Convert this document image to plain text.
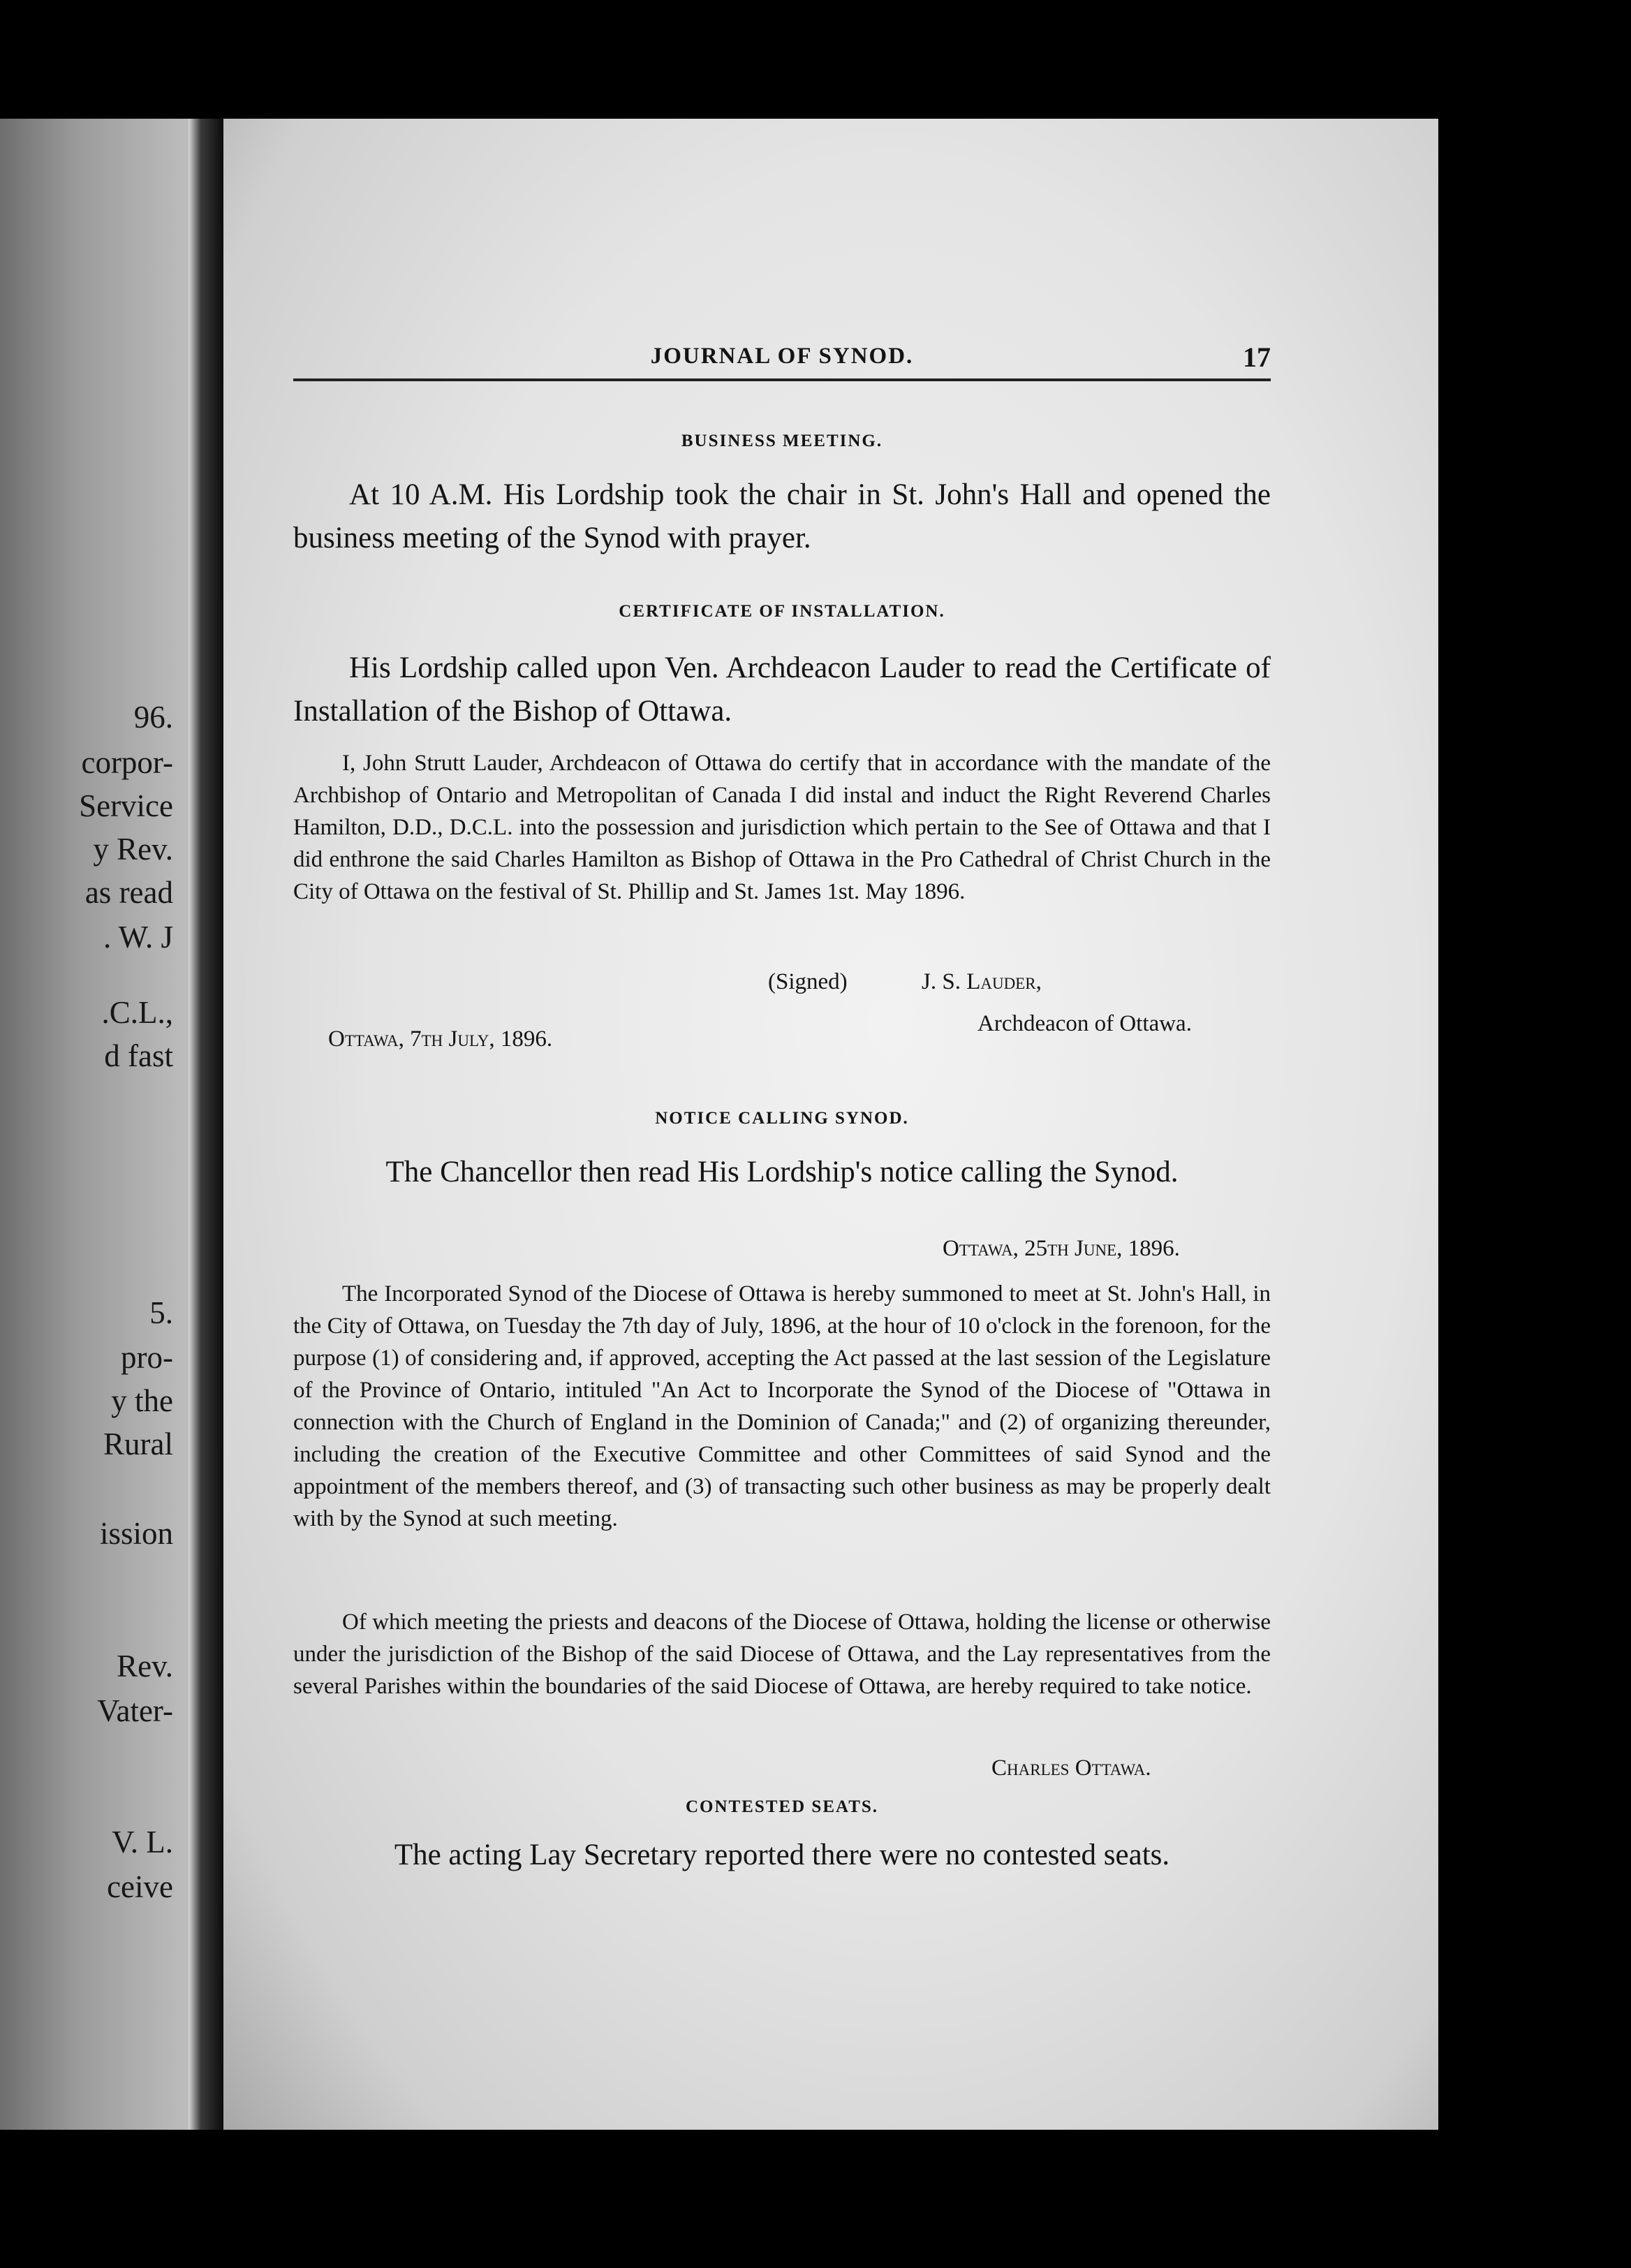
96.
corpor-
Service
y Rev.
as read
. W. J
.C.L.,
d fast
5.
pro-
y the
Rural
ission
Rev.
Vater-
V. L.
ceive
JOURNAL OF SYNOD.	17
BUSINESS MEETING.
At 10 A.M. His Lordship took the chair in St. John's Hall and opened the business meeting of the Synod with prayer.
CERTIFICATE OF INSTALLATION.
His Lordship called upon Ven. Archdeacon Lauder to read the Certificate of Installation of the Bishop of Ottawa.
I, John Strutt Lauder, Archdeacon of Ottawa do certify that in accordance with the mandate of the Archbishop of Ontario and Metropolitan of Canada I did instal and induct the Right Reverend Charles Hamilton, D.D., D.C.L. into the possession and jurisdiction which pertain to the See of Ottawa and that I did enthrone the said Charles Hamilton as Bishop of Ottawa in the Pro Cathedral of Christ Church in the City of Ottawa on the festival of St. Phillip and St. James 1st. May 1896.
(Signed)	J. S. Lauder,
Archdeacon of Ottawa.
Ottawa, 7th July, 1896.
NOTICE CALLING SYNOD.
The Chancellor then read His Lordship's notice calling the Synod.
Ottawa, 25th June, 1896.
The Incorporated Synod of the Diocese of Ottawa is hereby summoned to meet at St. John's Hall, in the City of Ottawa, on Tuesday the 7th day of July, 1896, at the hour of 10 o'clock in the forenoon, for the purpose (1) of considering and, if approved, accepting the Act passed at the last session of the Legislature of the Province of Ontario, intituled "An Act to Incorporate the Synod of the Diocese of "Ottawa in connection with the Church of England in the Dominion of Canada;" and (2) of organizing thereunder, including the creation of the Executive Committee and other Committees of said Synod and the appointment of the members thereof, and (3) of transacting such other business as may be properly dealt with by the Synod at such meeting.
Of which meeting the priests and deacons of the Diocese of Ottawa, holding the license or otherwise under the jurisdiction of the Bishop of the said Diocese of Ottawa, and the Lay representatives from the several Parishes within the boundaries of the said Diocese of Ottawa, are hereby required to take notice.
Charles Ottawa.
CONTESTED SEATS.
The acting Lay Secretary reported there were no contested seats.
